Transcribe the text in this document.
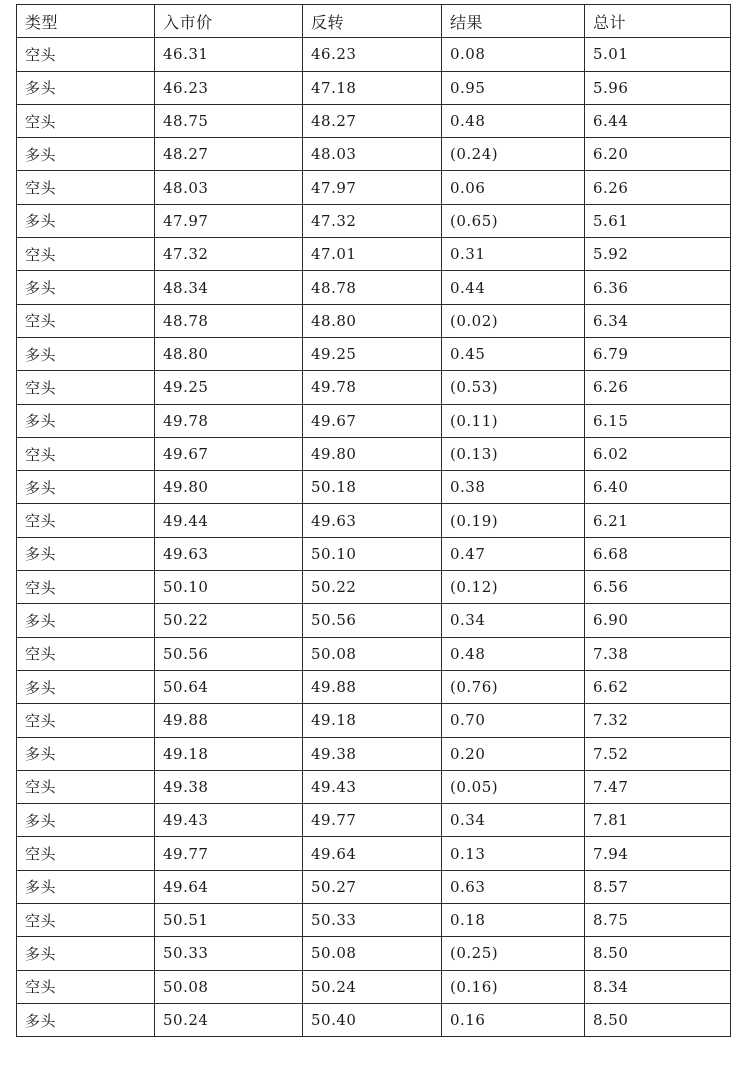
类型	入市价	反转	结果	总计
空头	46.31	46.23	0.08	5.01
多头	46.23	47.18	0.95	5.96
空头	48.75	48.27	0.48	6.44
多头	48.27	48.03	(0.24)	6.20
空头	48.03	47.97	0.06	6.26
多头	47.97	47.32	(0.65)	5.61
空头	47.32	47.01	0.31	5.92
多头	48.34	48.78	0.44	6.36
空头	48.78	48.80	(0.02)	6.34
多头	48.80	49.25	0.45	6.79
空头	49.25	49.78	(0.53)	6.26
多头	49.78	49.67	(0.11)	6.15
空头	49.67	49.80	(0.13)	6.02
多头	49.80	50.18	0.38	6.40
空头	49.44	49.63	(0.19)	6.21
多头	49.63	50.10	0.47	6.68
空头	50.10	50.22	(0.12)	6.56
多头	50.22	50.56	0.34	6.90
空头	50.56	50.08	0.48	7.38
多头	50.64	49.88	(0.76)	6.62
空头	49.88	49.18	0.70	7.32
多头	49.18	49.38	0.20	7.52
空头	49.38	49.43	(0.05)	7.47
多头	49.43	49.77	0.34	7.81
空头	49.77	49.64	0.13	7.94
多头	49.64	50.27	0.63	8.57
空头	50.51	50.33	0.18	8.75
多头	50.33	50.08	(0.25)	8.50
空头	50.08	50.24	(0.16)	8.34
多头	50.24	50.40	0.16	8.50
